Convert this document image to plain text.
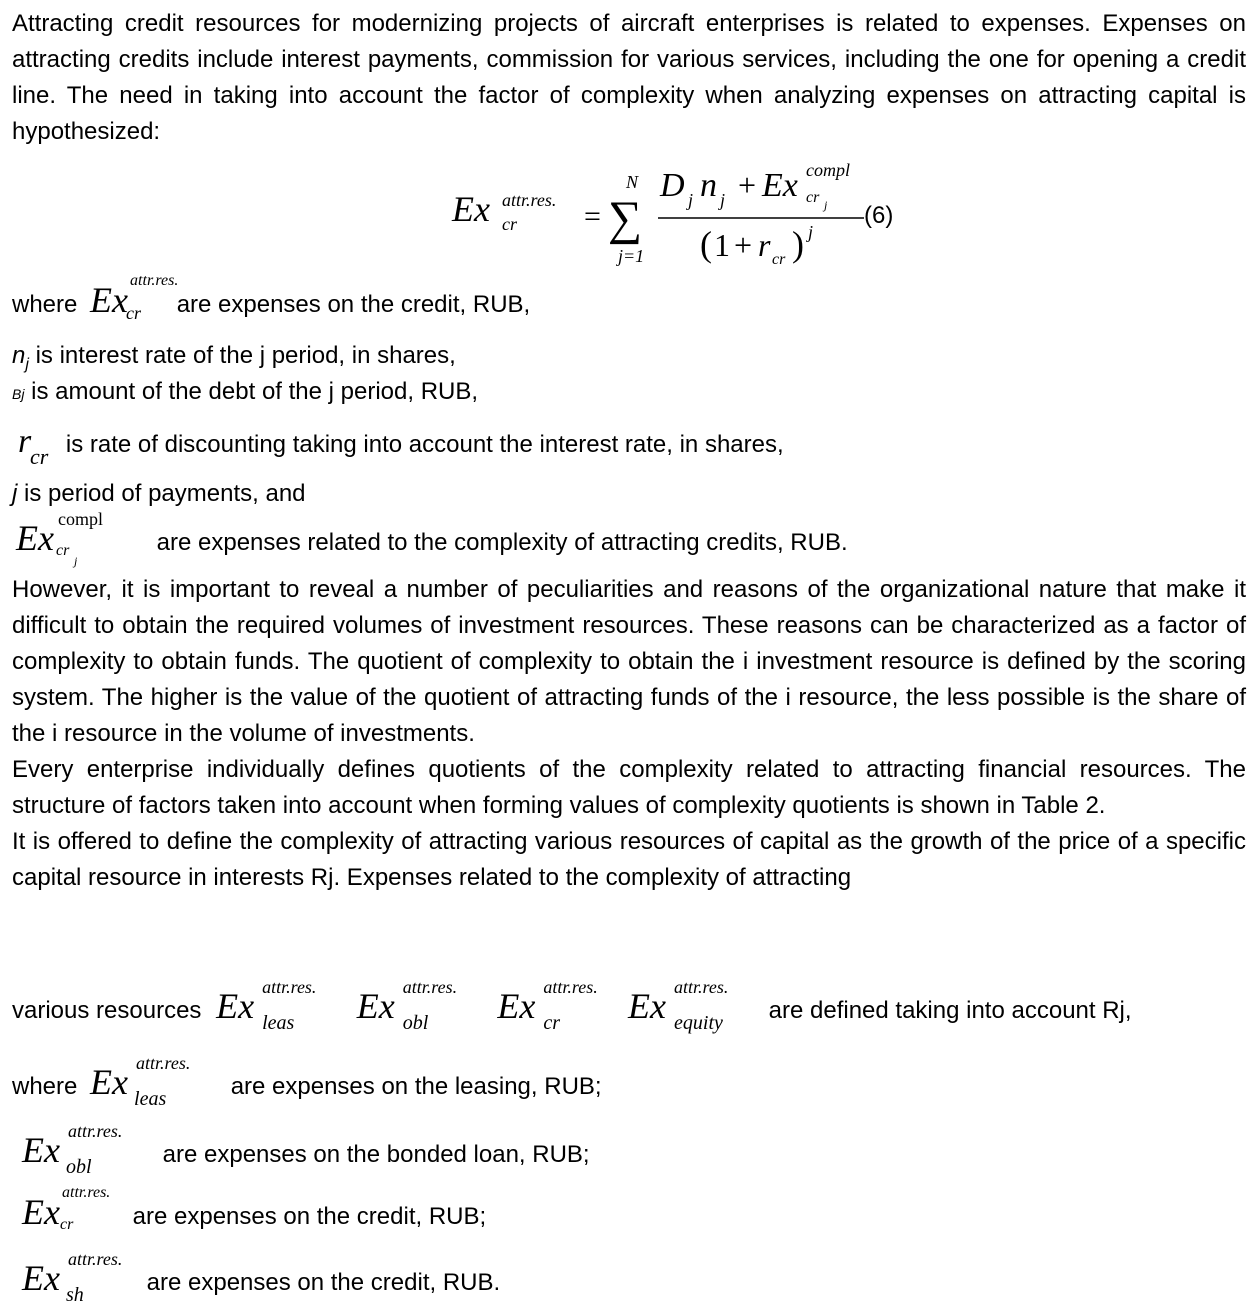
Attracting credit resources for modernizing projects of aircraft enterprises is related to expenses. Expenses on attracting credits include interest payments, commission for various services, including the one for opening a credit line. The need in taking into account the factor of complexity when analyzing expenses on attracting capital is hypothesized:

Ex attr.res.
cr =
N
∑
j=1
D j n j + Ex compl
cr j
( 1 + r cr ) j
(6)
where Ex attr.res.
cr are expenses on the credit, RUB,
$n_j$ is interest rate of the j period, in shares,
Bj is amount of the debt of the j period, RUB,
r
cr is rate of discounting taking into account the interest rate, in shares,
j is period of payments, and
Ex compl
cr
j
are expenses related to the complexity of attracting credits, RUB.

However, it is important to reveal a number of peculiarities and reasons of the organizational nature that make it difficult to obtain the required volumes of investment resources. These reasons can be characterized as a factor of complexity to obtain funds. The quotient of complexity to obtain the i investment resource is defined by the scoring system. The higher is the value of the quotient of attracting funds of the i resource, the less possible is the share of the i resource in the volume of investments.

Every enterprise individually defines quotients of the complexity related to attracting financial resources. The structure of factors taken into account when forming values of complexity quotients is shown in Table 2.

It is offered to define the complexity of attracting various resources of capital as the growth of the price of a specific capital resource in interests Rj. Expenses related to the complexity of attracting

various resources Ex attr.res.
leas Ex attr.res.
obl Ex attr.res.
cr Ex attr.res.
equity are defined taking into account Rj,
where Ex attr.res.
leas	are expenses on the leasing, RUB;
Ex attr.res.
obl	are expenses on the bonded loan, RUB;
Ex attr.res.
cr are expenses on the credit, RUB;
Ex attr.res.
sh	are expenses on the credit, RUB.
